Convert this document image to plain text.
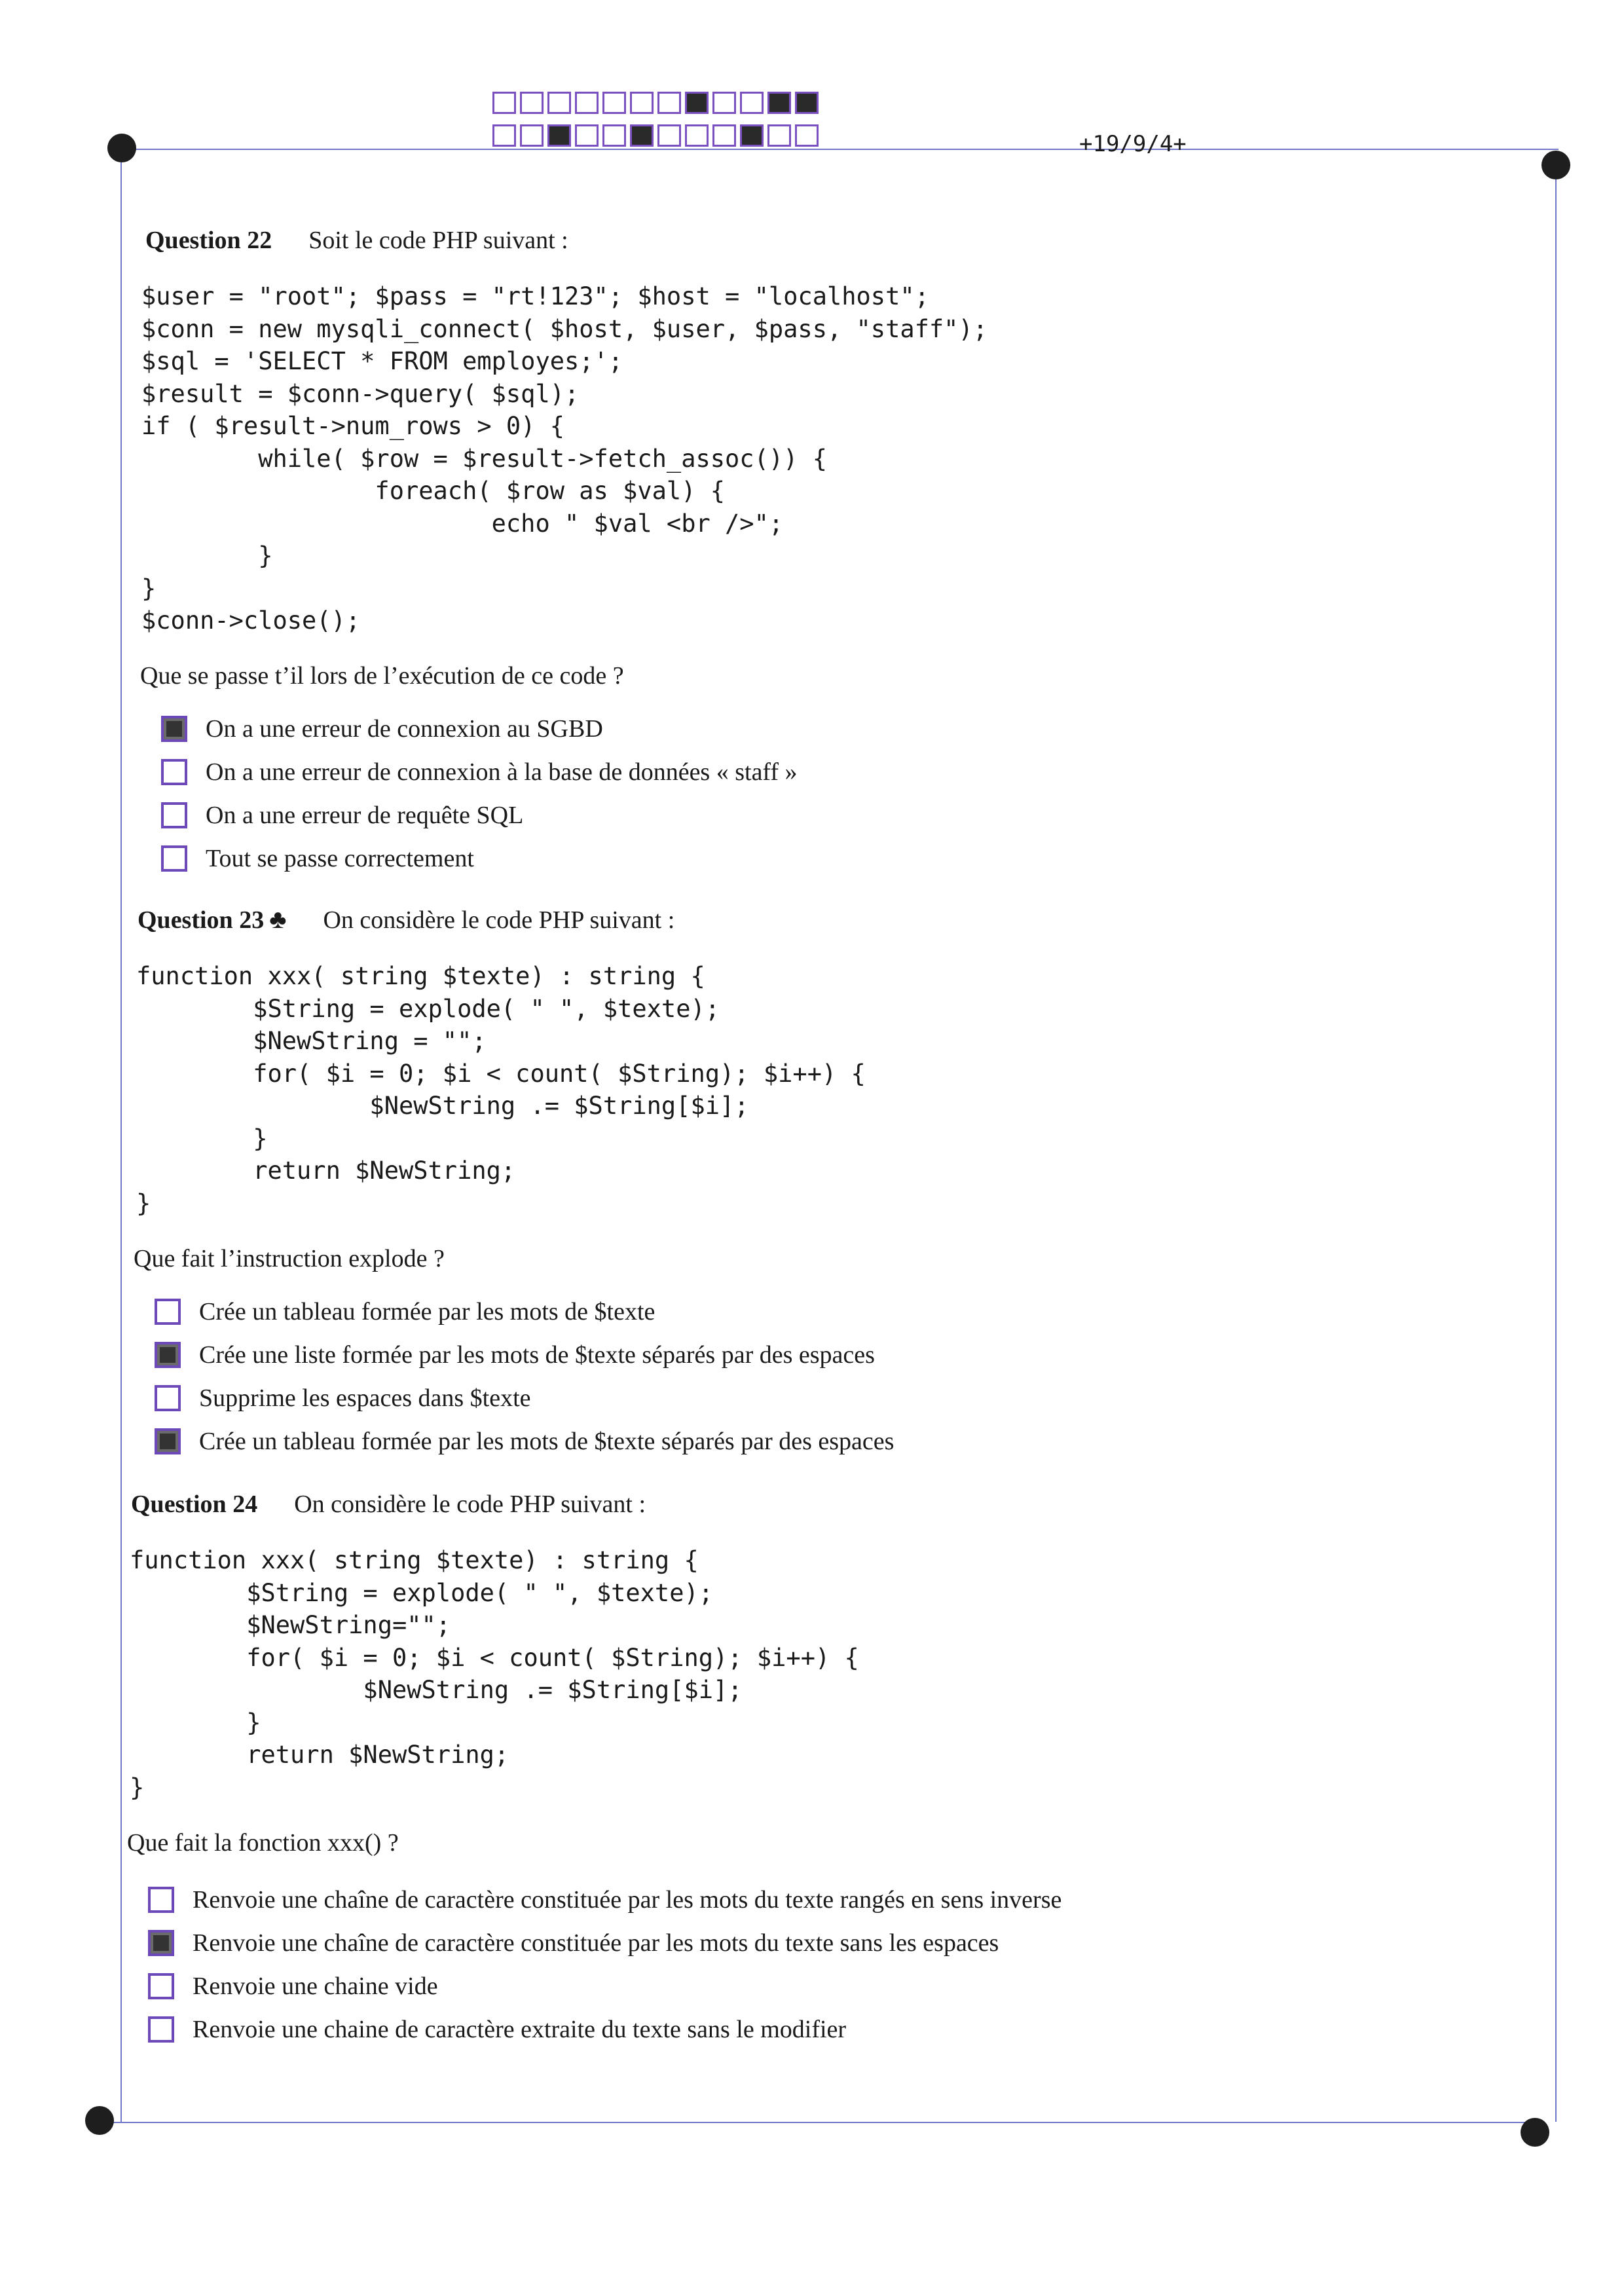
+19/9/4+
Question 22 Soit le code PHP suivant :
$user = "root"; $pass = "rt!123"; $host = "localhost";
$conn = new mysqli_connect( $host, $user, $pass, "staff");
$sql = 'SELECT * FROM employes;';
$result = $conn->query( $sql);
if ( $result->num_rows > 0) {
while( $row = $result->fetch_assoc()) {
foreach( $row as $val) {
echo " $val <br />";
}
}
$conn->close();
Que se passe t’il lors de l’exécution de ce code ?
On a une erreur de connexion au SGBD
On a une erreur de connexion à la base de données « staff »
On a une erreur de requête SQL
Tout se passe correctement
Question 23 ♣ On considère le code PHP suivant :
function xxx( string $texte) : string {
$String = explode( " ", $texte);
$NewString = "";
for( $i = 0; $i < count( $String); $i++) {
$NewString .= $String[$i];
}
return $NewString;
}
Que fait l’instruction explode ?
Crée un tableau formée par les mots de $texte
Crée une liste formée par les mots de $texte séparés par des espaces
Supprime les espaces dans $texte
Crée un tableau formée par les mots de $texte séparés par des espaces
Question 24 On considère le code PHP suivant :
function xxx( string $texte) : string {
$String = explode( " ", $texte);
$NewString="";
for( $i = 0; $i < count( $String); $i++) {
$NewString .= $String[$i];
}
return $NewString;
}
Que fait la fonction xxx() ?
Renvoie une chaîne de caractère constituée par les mots du texte rangés en sens inverse
Renvoie une chaîne de caractère constituée par les mots du texte sans les espaces
Renvoie une chaine vide
Renvoie une chaine de caractère extraite du texte sans le modifier
